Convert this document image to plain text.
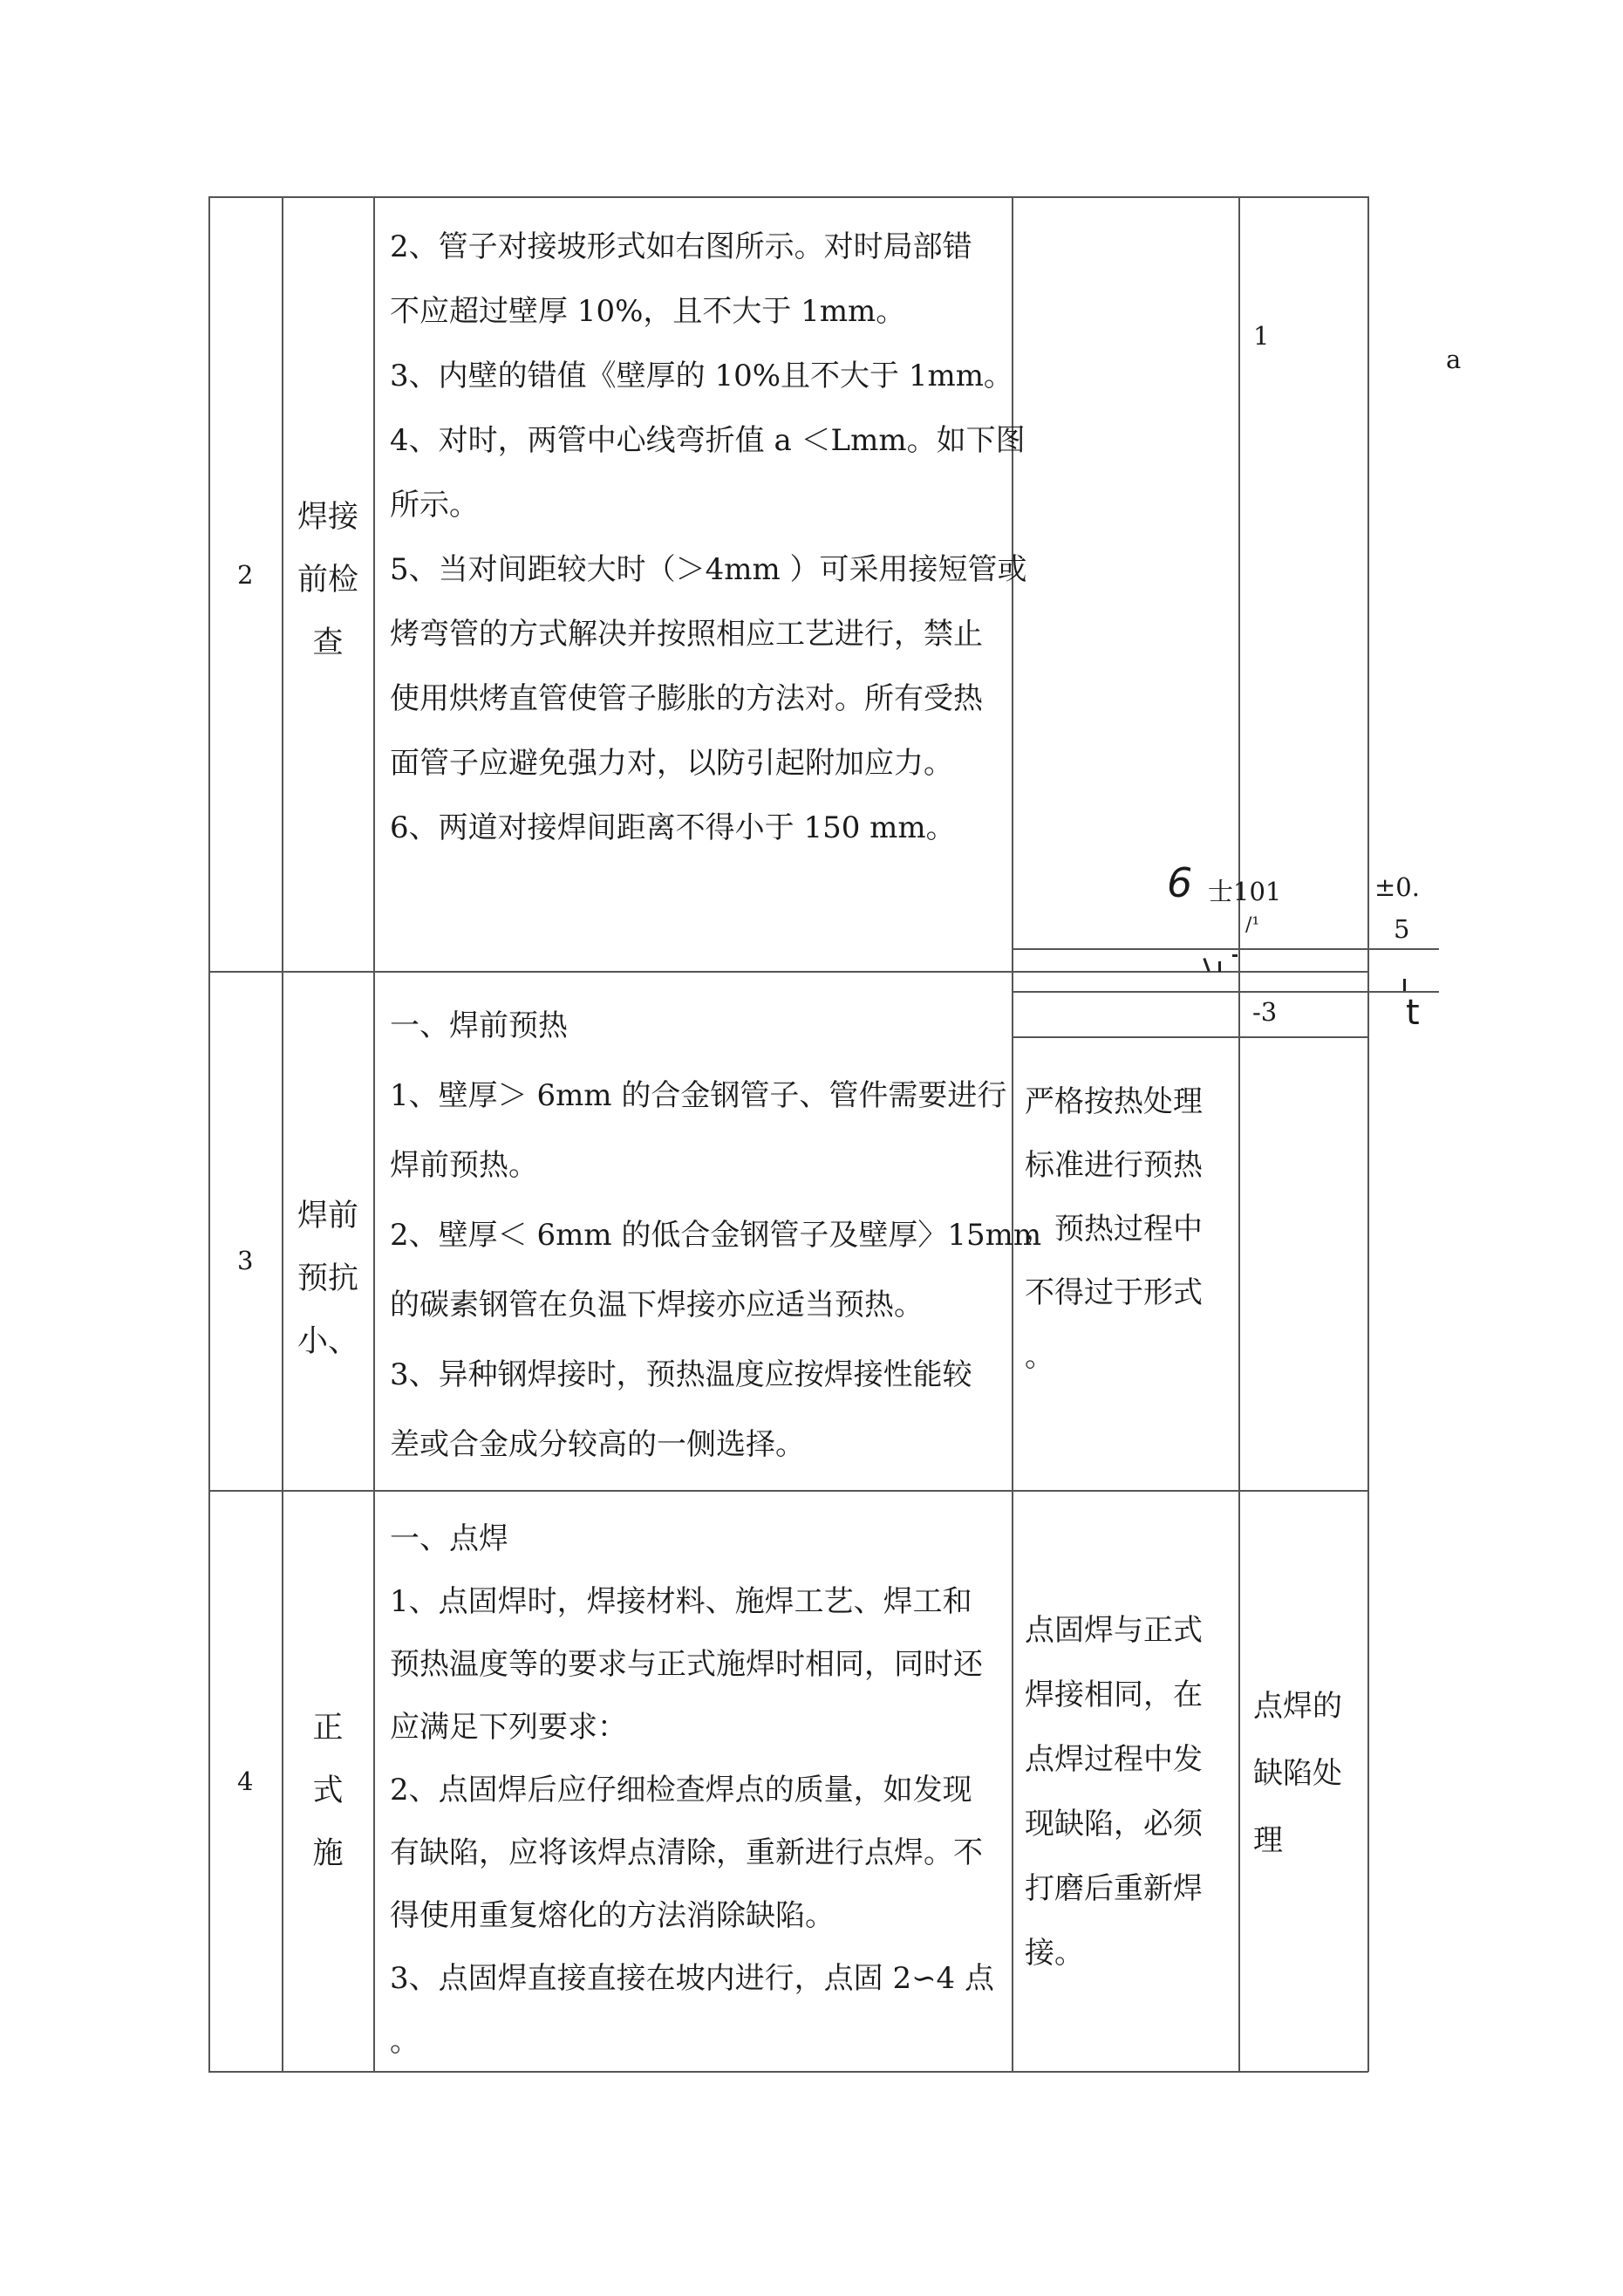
2
焊接
前检
查
2、管子对接坡形式如右图所示。对时局部错
不应超过壁厚 10%，且不大于 1mm。
3、内壁的错值《壁厚的 10%且不大于 1mm。
4、对时，两管中心线弯折值 a ＜Lmm。如下图
所示。
5、当对间距较大时（＞4mm ）可采用接短管或
烤弯管的方式解决并按照相应工艺进行，禁止
使用烘烤直管使管子膨胀的方法对。所有受热
面管子应避免强力对，以防引起附加应力。
6、两道对接焊间距离不得小于 150 mm。
1
a
6 士101	±0.
5
/¹
-3	t
3
焊前
预抗
小、
一、焊前预热
1、壁厚＞ 6mm 的合金钢管子、管件需要进行
焊前预热。
2、壁厚＜ 6mm 的低合金钢管子及壁厚〉15mm
的碳素钢管在负温下焊接亦应适当预热。
3、异种钢焊接时，预热温度应按焊接性能较
差或合金成分较高的一侧选择。
严格按热处理
标准进行预热
，预热过程中
不得过于形式
。
4
正
式
施
一、点焊
1、点固焊时，焊接材料、施焊工艺、焊工和
预热温度等的要求与正式施焊时相同，同时还
应满足下列要求：
2、点固焊后应仔细检查焊点的质量，如发现
有缺陷，应将该焊点清除，重新进行点焊。不
得使用重复熔化的方法消除缺陷。
3、点固焊直接直接在坡内进行，点固 2∽4 点
。
点固焊与正式
焊接相同，在
点焊过程中发
现缺陷，必须
打磨后重新焊
接。
点焊的
缺陷处
理
